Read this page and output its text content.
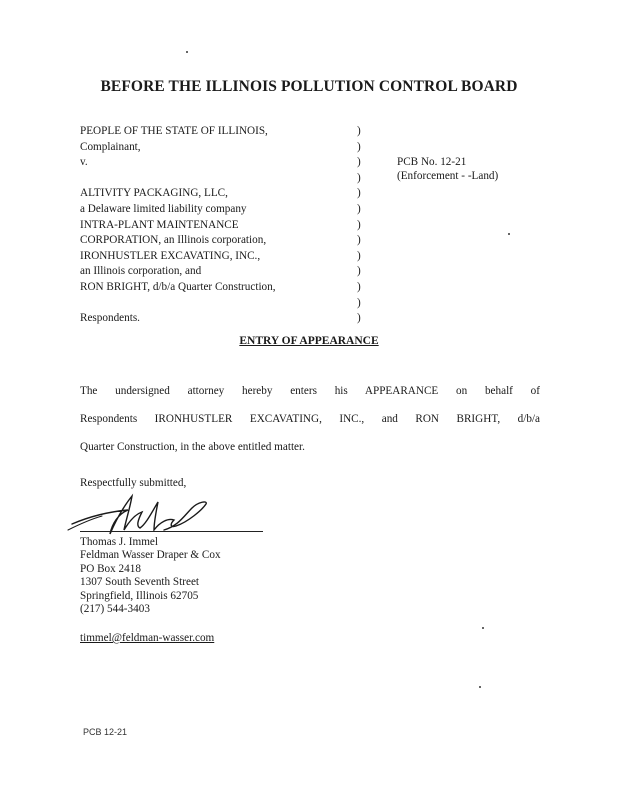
BEFORE THE ILLINOIS POLLUTION CONTROL BOARD
PEOPLE OF THE STATE OF ILLINOIS,
Complainant,
v.
ALTIVITY PACKAGING, LLC,
a Delaware limited liability company
INTRA-PLANT MAINTENANCE
CORPORATION, an Illinois corporation,
IRONHUSTLER EXCAVATING, INC.,
an Illinois corporation, and
RON BRIGHT, d/b/a Quarter Construction,
Respondents.
)
)
)
)
)
)
)
)
)
)
)
)
)
PCB No. 12-21
(Enforcement - -Land)
ENTRY OF APPEARANCE
The undersigned attorney hereby enters his APPEARANCE on behalf of
Respondents IRONHUSTLER EXCAVATING, INC., and RON BRIGHT, d/b/a
Quarter Construction, in the above entitled matter.
Respectfully submitted,
Thomas J. Immel
Feldman Wasser Draper & Cox
PO Box 2418
1307 South Seventh Street
Springfield, Illinois 62705
(217) 544-3403
timmel@feldman-wasser.com
PCB 12-21
